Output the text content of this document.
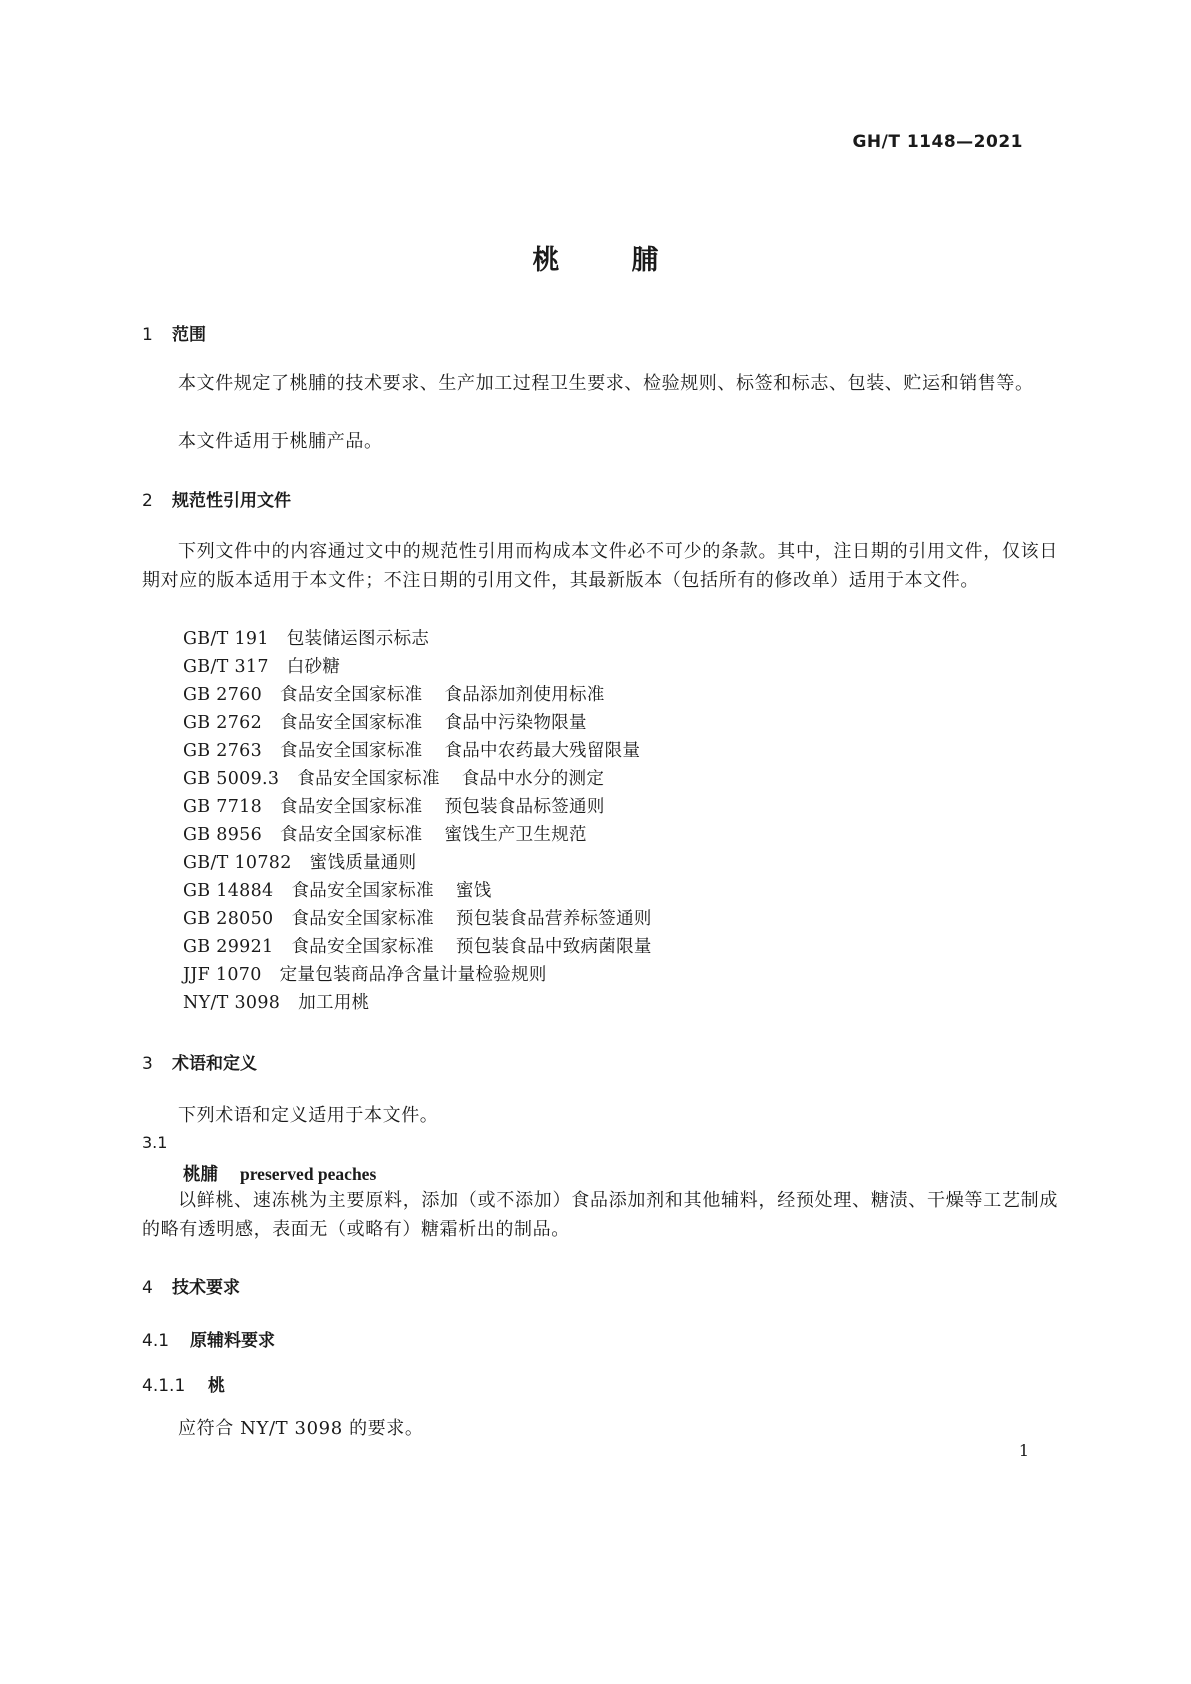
GH/T 1148—2021
桃	脯
1 范围
本文件规定了桃脯的技术要求、生产加工过程卫生要求、检验规则、标签和标志、包装、贮运和销售等。
本文件适用于桃脯产品。
2 规范性引用文件
下列文件中的内容通过文中的规范性引用而构成本文件必不可少的条款。其中，注日期的引用文件，仅该日期对应的版本适用于本文件；不注日期的引用文件，其最新版本（包括所有的修改单）适用于本文件。
GB/T 191 包装储运图示标志
GB/T 317 白砂糖
GB 2760 食品安全国家标准 食品添加剂使用标准
GB 2762 食品安全国家标准 食品中污染物限量
GB 2763 食品安全国家标准 食品中农药最大残留限量
GB 5009.3 食品安全国家标准 食品中水分的测定
GB 7718 食品安全国家标准 预包装食品标签通则
GB 8956 食品安全国家标准 蜜饯生产卫生规范
GB/T 10782 蜜饯质量通则
GB 14884 食品安全国家标准 蜜饯
GB 28050 食品安全国家标准 预包装食品营养标签通则
GB 29921 食品安全国家标准 预包装食品中致病菌限量
JJF 1070 定量包装商品净含量计量检验规则
NY/T 3098 加工用桃
3 术语和定义
下列术语和定义适用于本文件。
3.1
桃脯 preserved peaches
以鲜桃、速冻桃为主要原料，添加（或不添加）食品添加剂和其他辅料，经预处理、糖渍、干燥等工艺制成的略有透明感，表面无（或略有）糖霜析出的制品。
4 技术要求
4.1 原辅料要求
4.1.1 桃
应符合 NY/T 3098 的要求。
1
